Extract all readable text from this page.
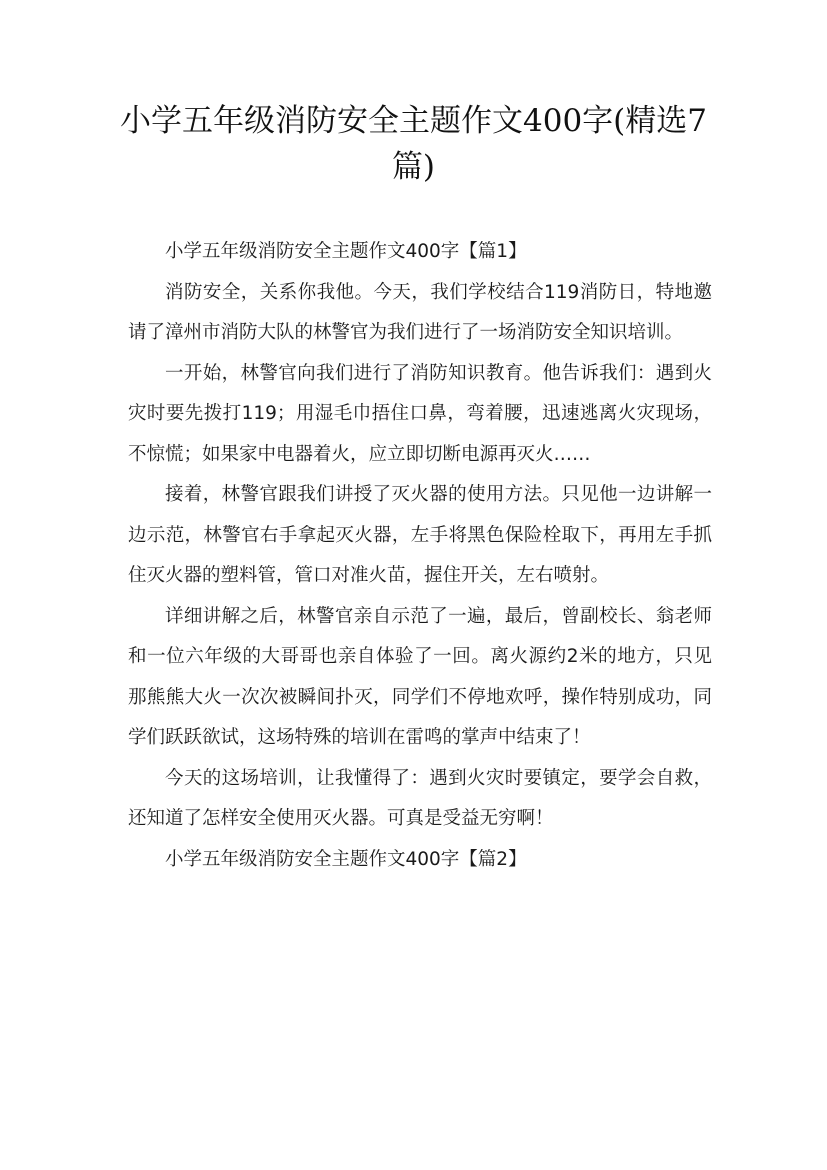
小学五年级消防安全主题作文400字(精选7篇)

小学五年级消防安全主题作文400字【篇1】

消防安全，关系你我他。今天，我们学校结合119消防日，特地邀请了漳州市消防大队的林警官为我们进行了一场消防安全知识培训。

一开始，林警官向我们进行了消防知识教育。他告诉我们：遇到火灾时要先拨打119；用湿毛巾捂住口鼻，弯着腰，迅速逃离火灾现场，不惊慌；如果家中电器着火，应立即切断电源再灭火……

接着，林警官跟我们讲授了灭火器的使用方法。只见他一边讲解一边示范，林警官右手拿起灭火器，左手将黑色保险栓取下，再用左手抓住灭火器的塑料管，管口对准火苗，握住开关，左右喷射。

详细讲解之后，林警官亲自示范了一遍，最后，曾副校长、翁老师和一位六年级的大哥哥也亲自体验了一回。离火源约2米的地方，只见那熊熊大火一次次被瞬间扑灭，同学们不停地欢呼，操作特别成功，同学们跃跃欲试，这场特殊的培训在雷鸣的掌声中结束了！

今天的这场培训，让我懂得了：遇到火灾时要镇定，要学会自救，还知道了怎样安全使用灭火器。可真是受益无穷啊！

小学五年级消防安全主题作文400字【篇2】
